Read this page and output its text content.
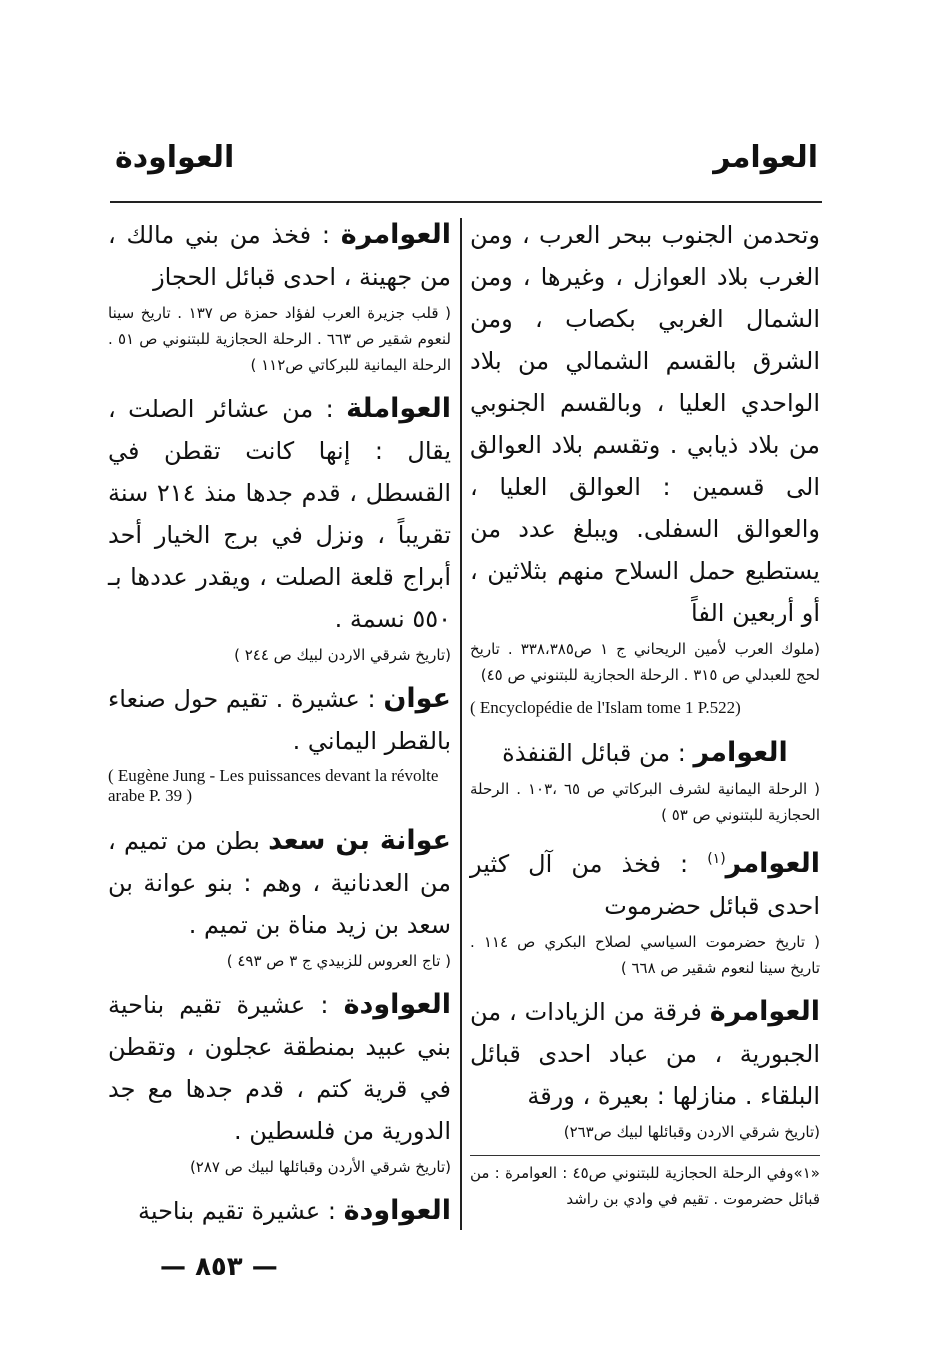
العوامر
العواودة

وتحدمن الجنوب ببحر العرب ، ومن الغرب بلاد العوازل ، وغيرها ، ومن الشمال الغربي بكصاب ، ومن الشرق بالقسم الشمالي من بلاد الواحدي العليا ، وبالقسم الجنوبي من بلاد ذيابي . وتقسم بلاد العوالق الى قسمين : العوالق العليا ، والعوالق السفلى. ويبلغ عدد من يستطيع حمل السلاح منهم بثلاثين ، أو أربعين الفاً

(ملوك العرب لأمين الريحاني ج ١ ص٣٣٨،٣٨٥ . تاريخ لحج للعبدلي ص ٣١٥ . الرحلة الحجازية للبتنوني ص ٤٥)

( Encyclopédie de l'Islam tome 1 P.522)

العوامر : من قبائل القنفذة

( الرحلة اليمانية لشرف البركاتي ص ٦٥ ،١٠٣ . الرحلة الحجازية للبتنوني ص ٥٣ )

العوامر$^{(١)}$ : فخذ من آل كثير احدى قبائل حضرموت

( تاريخ حضرموت السياسي لصلاح البكري ص ١١٤ . تاريخ سينا لنعوم شقير ص ٦٦٨ )

العوامرة فرقة من الزيادات ، من الجبورية ، من عباد احدى قبائل البلقاء . منازلها : بعيرة ، ورقة

(تاريخ شرقي الاردن وقبائلها لبيك ص٢٦٣)

«١»وفي الرحلة الحجازية للبتنوني ص٤٥ : العوامرة : من قبائل حضرموت . تقيم في وادي بن راشد

العوامرة : فخذ من بني مالك ، من جهينة ، احدى قبائل الحجاز

( قلب جزيرة العرب لفؤاد حمزة ص ١٣٧ . تاريخ سينا لنعوم شقير ص ٦٦٣ . الرحلة الحجازية للبتنوني ص ٥١ . الرحلة اليمانية للبركاتي ص١١٢ )

العواملة : من عشائر الصلت ، يقال : إنها كانت تقطن في القسطل ، قدم جدها منذ ٢١٤ سنة تقريباً ، ونزل في برج الخيار أحد أبراج قلعة الصلت ، ويقدر عددها بـ ٥٥٠ نسمة .

(تاريخ شرقي الاردن لبيك ص ٢٤٤ )

عوان : عشيرة . تقيم حول صنعاء بالقطر اليماني .

( Eugène Jung - Les puissances devant la révolte arabe P. 39 )

عوانة بن سعد بطن من تميم ، من العدنانية ، وهم : بنو عوانة بن سعد بن زيد مناة بن تميم .

( تاج العروس للزبيدي ج ٣ ص ٤٩٣ )

العواودة : عشيرة تقيم بناحية بني عبيد بمنطقة عجلون ، وتقطن في قرية كتم ، قدم جدها مع جد الدورية من فلسطين .

(تاريخ شرقي الأردن وقبائلها لبيك ص ٢٨٧)

العواودة : عشيرة تقيم بناحية

— ٨٥٣ —
